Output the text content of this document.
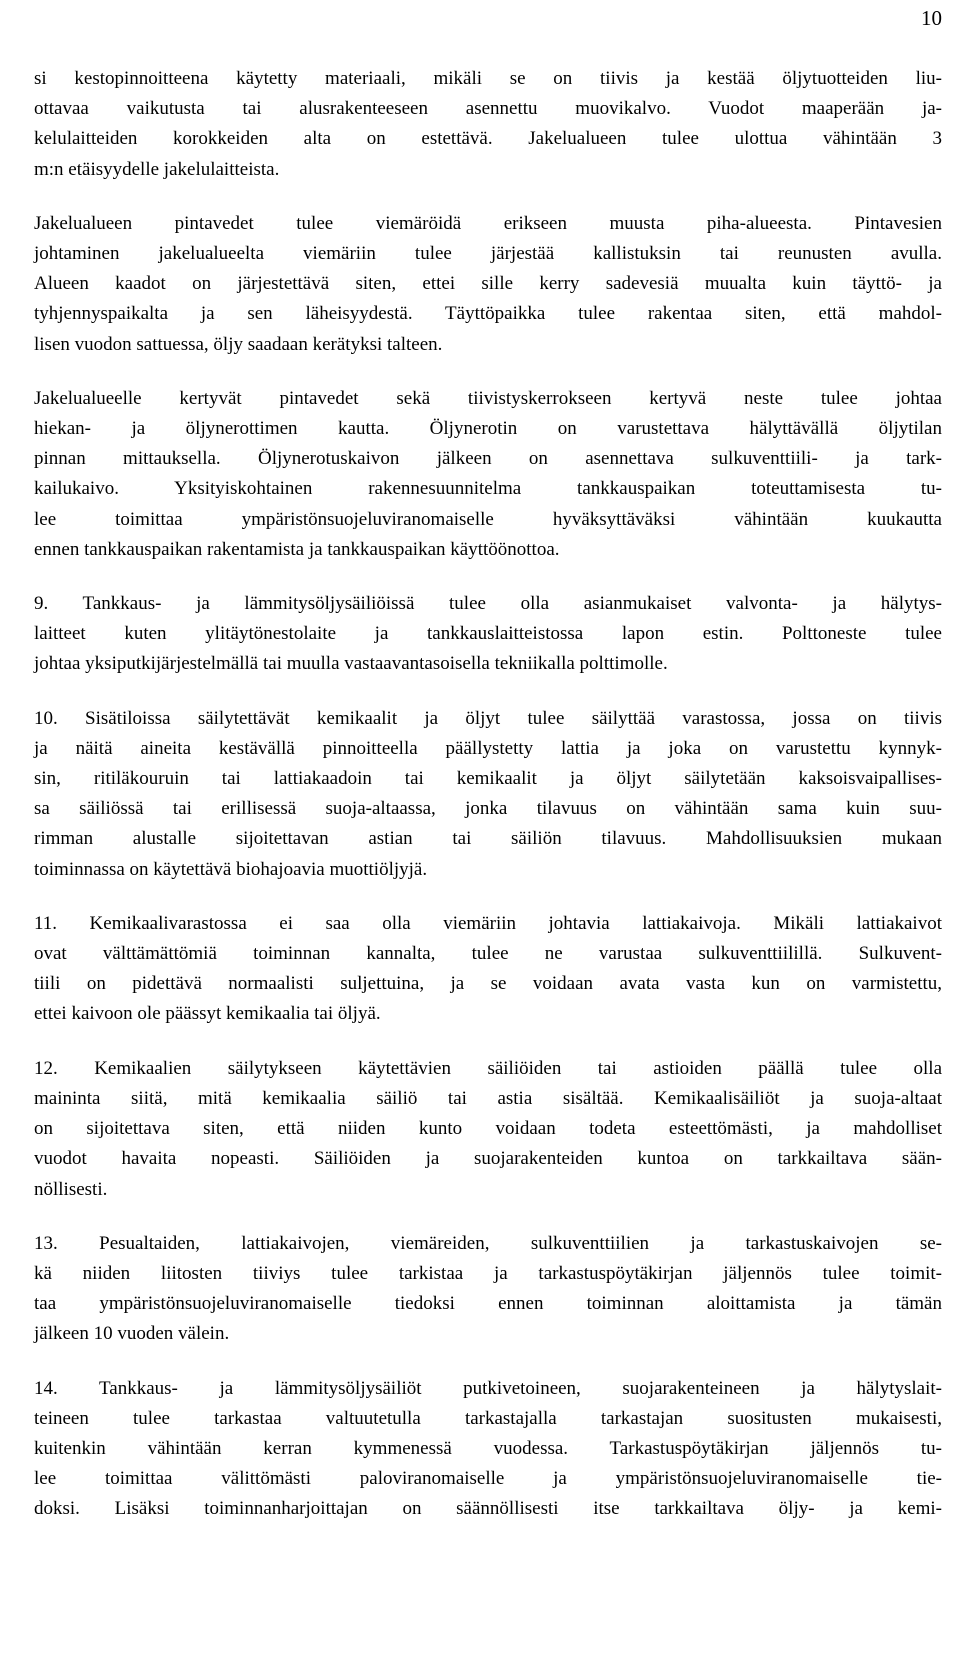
10
si kestopinnoitteena käytetty materiaali, mikäli se on tiivis ja kestää öljytuotteiden liu-
ottavaa vaikutusta tai alusrakenteeseen asennettu muovikalvo. Vuodot maaperään ja-
kelulaitteiden korokkeiden alta on estettävä. Jakelualueen tulee ulottua vähintään 3
m:n etäisyydelle jakelulaitteista.
Jakelualueen pintavedet tulee viemäröidä erikseen muusta piha-alueesta. Pintavesien
johtaminen jakelualueelta viemäriin tulee järjestää kallistuksin tai reunusten avulla.
Alueen kaadot on järjestettävä siten, ettei sille kerry sadevesiä muualta kuin täyttö- ja
tyhjennyspaikalta ja sen läheisyydestä. Täyttöpaikka tulee rakentaa siten, että mahdol-
lisen vuodon sattuessa, öljy saadaan kerätyksi talteen.
Jakelualueelle kertyvät pintavedet sekä tiivistyskerrokseen kertyvä neste tulee johtaa
hiekan- ja öljynerottimen kautta. Öljynerotin on varustettava hälyttävällä öljytilan
pinnan mittauksella. Öljynerotuskaivon jälkeen on asennettava sulkuventtiili- ja tark-
kailukaivo. Yksityiskohtainen rakennesuunnitelma tankkauspaikan toteuttamisesta tu-
lee toimittaa ympäristönsuojeluviranomaiselle hyväksyttäväksi vähintään kuukautta
ennen tankkauspaikan rakentamista ja tankkauspaikan käyttöönottoa.
9. Tankkaus- ja lämmitysöljysäiliöissä tulee olla asianmukaiset valvonta- ja hälytys-
laitteet kuten ylitäytönestolaite ja tankkauslaitteistossa lapon estin. Polttoneste tulee
johtaa yksiputkijärjestelmällä tai muulla vastaavantasoisella tekniikalla polttimolle.
10. Sisätiloissa säilytettävät kemikaalit ja öljyt tulee säilyttää varastossa, jossa on tiivis
ja näitä aineita kestävällä pinnoitteella päällystetty lattia ja joka on varustettu kynnyk-
sin, ritiläkouruin tai lattiakaadoin tai kemikaalit ja öljyt säilytetään kaksoisvaipallises-
sa säiliössä tai erillisessä suoja-altaassa, jonka tilavuus on vähintään sama kuin suu-
rimman alustalle sijoitettavan astian tai säiliön tilavuus. Mahdollisuuksien mukaan
toiminnassa on käytettävä biohajoavia muottiöljyjä.
11. Kemikaalivarastossa ei saa olla viemäriin johtavia lattiakaivoja. Mikäli lattiakaivot
ovat välttämättömiä toiminnan kannalta, tulee ne varustaa sulkuventtiilillä. Sulkuvent-
tiili on pidettävä normaalisti suljettuina, ja se voidaan avata vasta kun on varmistettu,
ettei kaivoon ole päässyt kemikaalia tai öljyä.
12. Kemikaalien säilytykseen käytettävien säiliöiden tai astioiden päällä tulee olla
maininta siitä, mitä kemikaalia säiliö tai astia sisältää. Kemikaalisäiliöt ja suoja-altaat
on sijoitettava siten, että niiden kunto voidaan todeta esteettömästi, ja mahdolliset
vuodot havaita nopeasti. Säiliöiden ja suojarakenteiden kuntoa on tarkkailtava sään-
nöllisesti.
13. Pesualtaiden, lattiakaivojen, viemäreiden, sulkuventtiilien ja tarkastuskaivojen se-
kä niiden liitosten tiiviys tulee tarkistaa ja tarkastuspöytäkirjan jäljennös tulee toimit-
taa ympäristönsuojeluviranomaiselle tiedoksi ennen toiminnan aloittamista ja tämän
jälkeen 10 vuoden välein.
14. Tankkaus- ja lämmitysöljysäiliöt putkivetoineen, suojarakenteineen ja hälytyslait-
teineen tulee tarkastaa valtuutetulla tarkastajalla tarkastajan suositusten mukaisesti,
kuitenkin vähintään kerran kymmenessä vuodessa. Tarkastuspöytäkirjan jäljennös tu-
lee toimittaa välittömästi paloviranomaiselle ja ympäristönsuojeluviranomaiselle tie-
doksi. Lisäksi toiminnanharjoittajan on säännöllisesti itse tarkkailtava öljy- ja kemi-
